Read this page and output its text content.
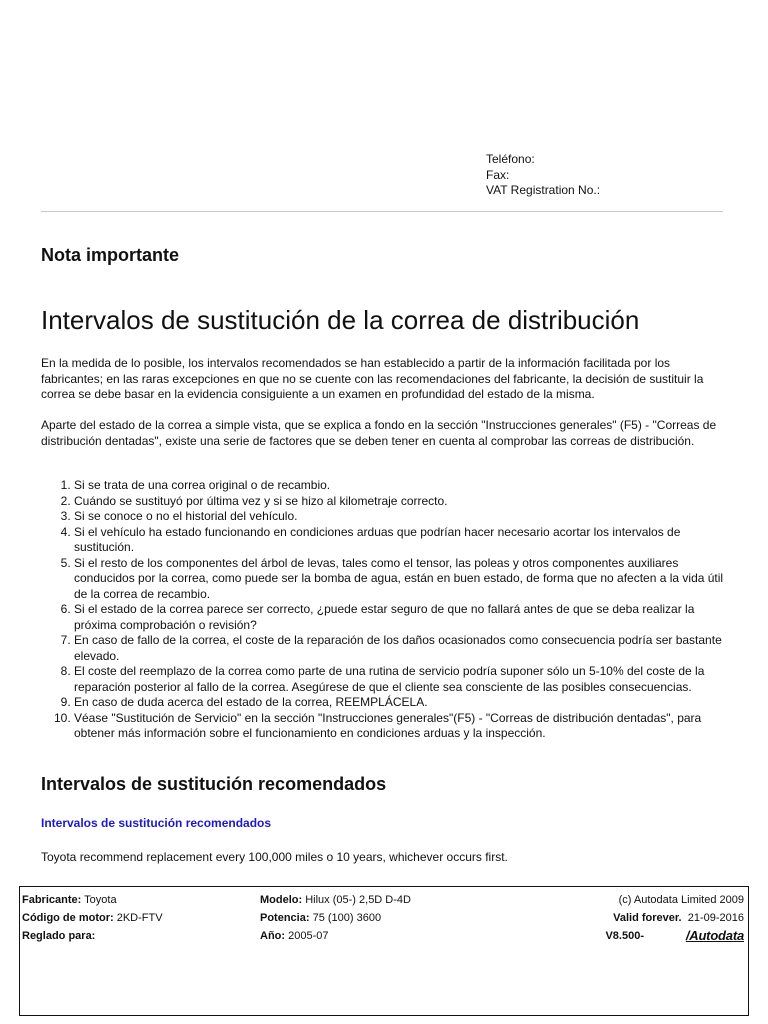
Teléfono:
Fax:
VAT Registration No.:
Nota importante
Intervalos de sustitución de la correa de distribución

En la medida de lo posible, los intervalos recomendados se han establecido a partir de la información facilitada por los fabricantes; en las raras excepciones en que no se cuente con las recomendaciones del fabricante, la decisión de sustituir la correa se debe basar en la evidencia consiguiente a un examen en profundidad del estado de la misma.

Aparte del estado de la correa a simple vista, que se explica a fondo en la sección "Instrucciones generales" (F5) - "Correas de distribución dentadas", existe una serie de factores que se deben tener en cuenta al comprobar las correas de distribución.

1. Si se trata de una correa original o de recambio.
2. Cuándo se sustituyó por última vez y si se hizo al kilometraje correcto.
3. Si se conoce o no el historial del vehículo.
4. Si el vehículo ha estado funcionando en condiciones arduas que podrían hacer necesario acortar los intervalos de sustitución.
5. Si el resto de los componentes del árbol de levas, tales como el tensor, las poleas y otros componentes auxiliares conducidos por la correa, como puede ser la bomba de agua, están en buen estado, de forma que no afecten a la vida útil de la correa de recambio.
6. Si el estado de la correa parece ser correcto, ¿puede estar seguro de que no fallará antes de que se deba realizar la próxima comprobación o revisión?
7. En caso de fallo de la correa, el coste de la reparación de los daños ocasionados como consecuencia podría ser bastante elevado.
8. El coste del reemplazo de la correa como parte de una rutina de servicio podría suponer sólo un 5-10% del coste de la reparación posterior al fallo de la correa. Asegúrese de que el cliente sea consciente de las posibles consecuencias.
9. En caso de duda acerca del estado de la correa, REEMPLÁCELA.
10. Véase "Sustitución de Servicio" en la sección "Instrucciones generales"(F5) - "Correas de distribución dentadas", para obtener más información sobre el funcionamiento en condiciones arduas y la inspección.
Intervalos de sustitución recomendados
Intervalos de sustitución recomendados

Toyota recommend replacement every 100,000 miles o 10 years, whichever occurs first.

Fabricante: Toyota
Código de motor: 2KD-FTV
Reglado para:
Modelo: Hilux (05-) 2,5D D-4D
Potencia: 75 (100) 3600
Año: 2005-07
(c) Autodata Limited 2009
Valid forever. 21-09-2016
V8.500-	/Autodata
